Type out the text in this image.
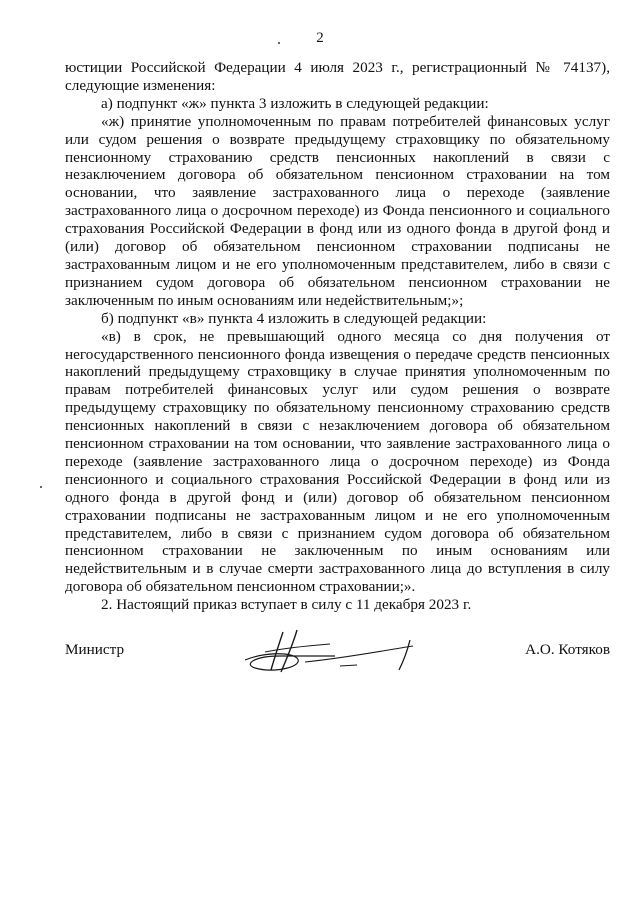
2

юстиции Российской Федерации 4 июля 2023 г., регистрационный № 74137), следующие изменения:

а) подпункт «ж» пункта 3 изложить в следующей редакции:

«ж) принятие уполномоченным по правам потребителей финансовых услуг или судом решения о возврате предыдущему страховщику по обязательному пенсионному страхованию средств пенсионных накоплений в связи с незаключением договора об обязательном пенсионном страховании на том основании, что заявление застрахованного лица о переходе (заявление застрахованного лица о досрочном переходе) из Фонда пенсионного и социального страхования Российской Федерации в фонд или из одного фонда в другой фонд и (или) договор об обязательном пенсионном страховании подписаны не застрахованным лицом и не его уполномоченным представителем, либо в связи с признанием судом договора об обязательном пенсионном страховании не заключенным по иным основаниям или недействительным;»;

б) подпункт «в» пункта 4 изложить в следующей редакции:

«в) в срок, не превышающий одного месяца со дня получения от негосударственного пенсионного фонда извещения о передаче средств пенсионных накоплений предыдущему страховщику в случае принятия уполномоченным по правам потребителей финансовых услуг или судом решения о возврате предыдущему страховщику по обязательному пенсионному страхованию средств пенсионных накоплений в связи с незаключением договора об обязательном пенсионном страховании на том основании, что заявление застрахованного лица о переходе (заявление застрахованного лица о досрочном переходе) из Фонда пенсионного и социального страхования Российской Федерации в фонд или из одного фонда в другой фонд и (или) договор об обязательном пенсионном страховании подписаны не застрахованным лицом и не его уполномоченным представителем, либо в связи с признанием судом договора об обязательном пенсионном страховании не заключенным по иным основаниям или недействительным и в случае смерти застрахованного лица до вступления в силу договора об обязательном пенсионном страховании;».

2. Настоящий приказ вступает в силу с 11 декабря 2023 г.

Министр	А.О. Котяков
